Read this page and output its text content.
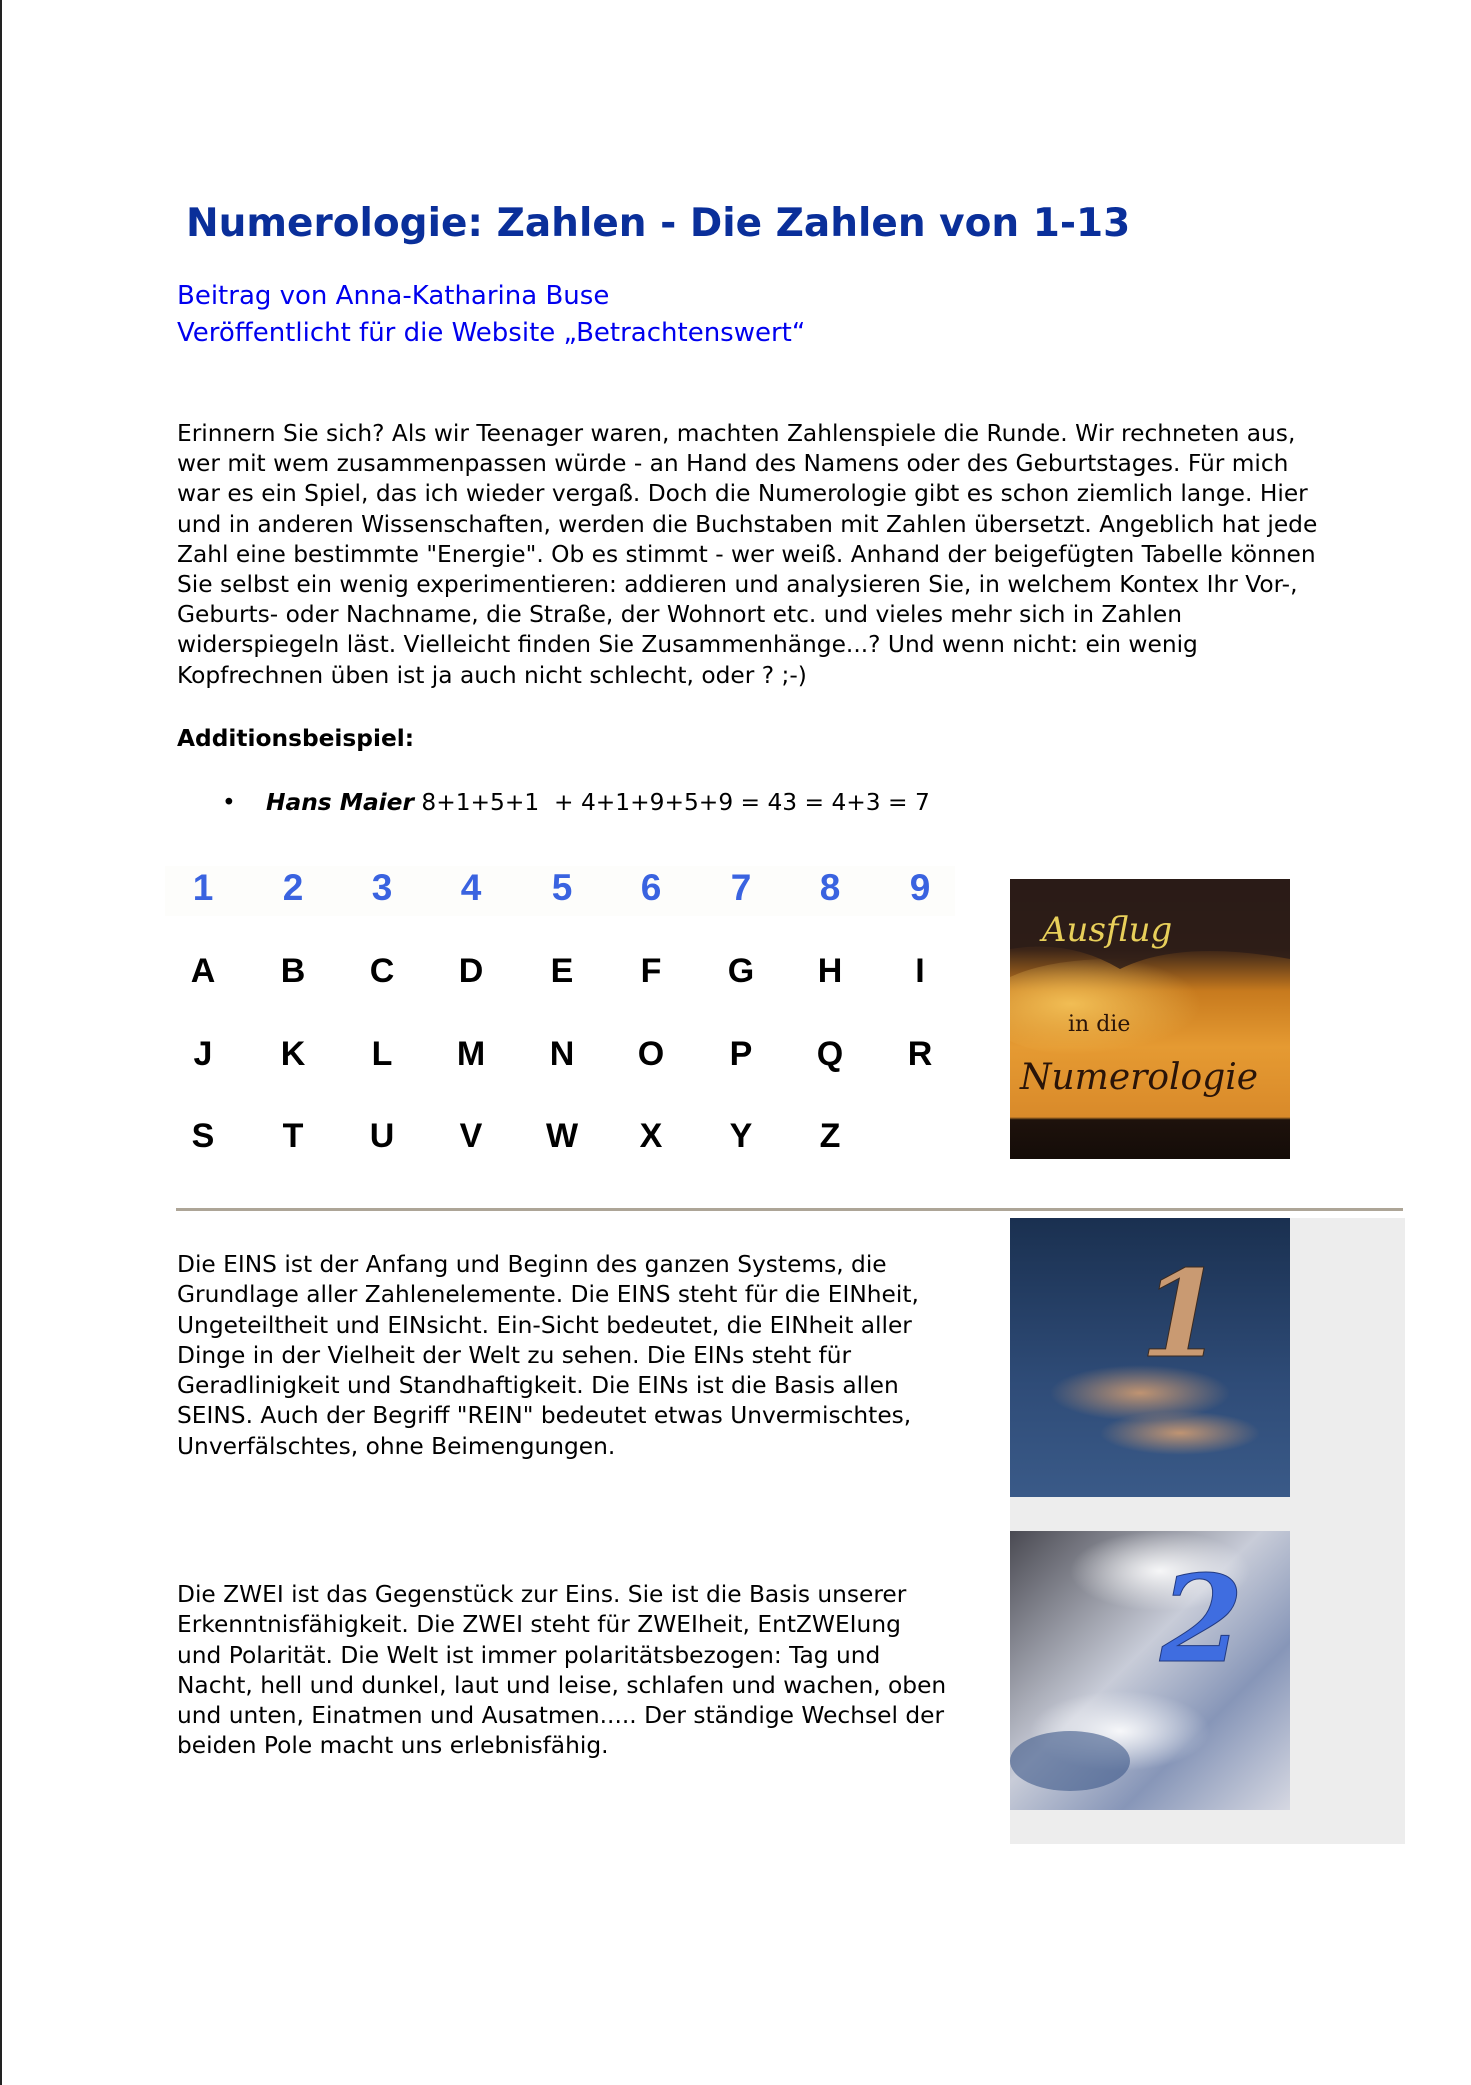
Numerologie: Zahlen - Die Zahlen von 1-13
Beitrag von Anna-Katharina Buse
Veröffentlicht für die Website „Betrachtenswert“
Erinnern Sie sich? Als wir Teenager waren, machten Zahlenspiele die Runde. Wir rechneten aus,
wer mit wem zusammenpassen würde - an Hand des Namens oder des Geburtstages. Für mich
war es ein Spiel, das ich wieder vergaß. Doch die Numerologie gibt es schon ziemlich lange. Hier
und in anderen Wissenschaften, werden die Buchstaben mit Zahlen übersetzt. Angeblich hat jede
Zahl eine bestimmte "Energie". Ob es stimmt - wer weiß. Anhand der beigefügten Tabelle können
Sie selbst ein wenig experimentieren: addieren und analysieren Sie, in welchem Kontex Ihr Vor-,
Geburts- oder Nachname, die Straße, der Wohnort etc. und vieles mehr sich in Zahlen
widerspiegeln läst. Vielleicht finden Sie Zusammenhänge...? Und wenn nicht: ein wenig
Kopfrechnen üben ist ja auch nicht schlecht, oder ? ;-)
Additionsbeispiel:
• Hans Maier 8+1+5+1  + 4+1+9+5+9 = 43 = 4+3 = 7
Ausflug
in die
Numerologie
1
2
Die EINS ist der Anfang und Beginn des ganzen Systems, die
Grundlage aller Zahlenelemente. Die EINS steht für die EINheit,
Ungeteiltheit und EINsicht. Ein-Sicht bedeutet, die EINheit aller
Dinge in der Vielheit der Welt zu sehen. Die EINs steht für
Geradlinigkeit und Standhaftigkeit. Die EINs ist die Basis allen
SEINS. Auch der Begriff "REIN" bedeutet etwas Unvermischtes,
Unverfälschtes, ohne Beimengungen.
Die ZWEI ist das Gegenstück zur Eins. Sie ist die Basis unserer
Erkenntnisfähigkeit. Die ZWEI steht für ZWEIheit, EntZWEIung
und Polarität. Die Welt ist immer polaritätsbezogen: Tag und
Nacht, hell und dunkel, laut und leise, schlafen und wachen, oben
und unten, Einatmen und Ausatmen..... Der ständige Wechsel der
beiden Pole macht uns erlebnisfähig.
1	2	3	4	5	6	7	8	9
A	B	C	D	E	F	G	H	I
J	K	L	M	N	O	P	Q	R
S	T	U	V	W	X	Y	Z
